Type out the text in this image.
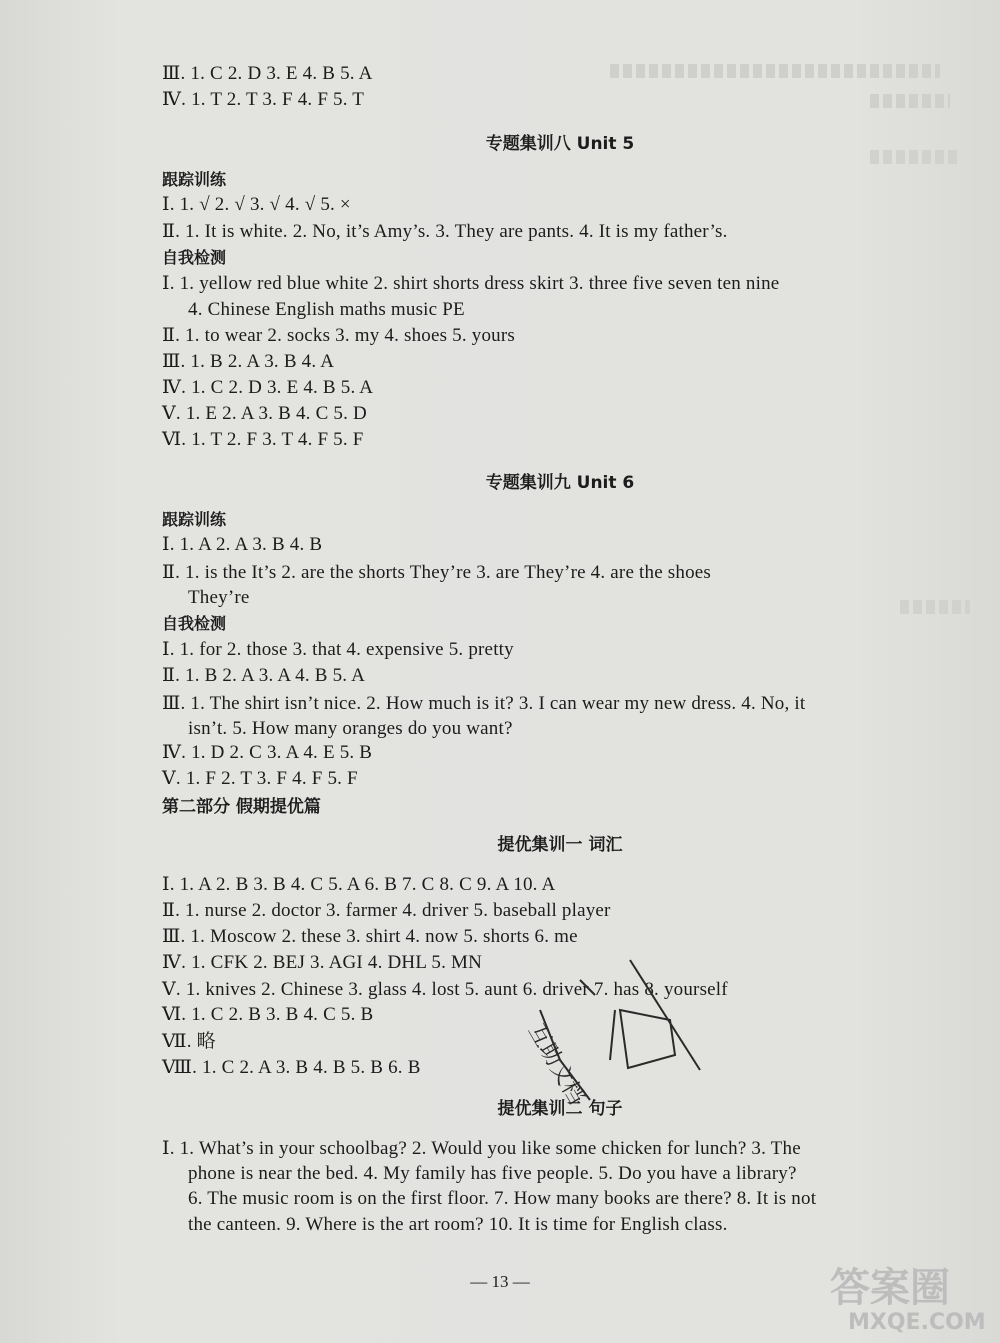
专题集训八 Unit 5
专题集训九 Unit 6
提优集训一 词汇
提优集训二 句子
跟踪训练
自我检测
跟踪训练
自我检测
第二部分 假期提优篇
Ⅲ. 1. C 2. D 3. E 4. B 5. A
Ⅳ. 1. T 2. T 3. F 4. F 5. T
Ⅰ. 1. √ 2. √ 3. √ 4. √ 5. ×
Ⅱ. 1. It is white. 2. No, it’s Amy’s. 3. They are pants. 4. It is my father’s.
Ⅰ. 1. yellow red blue white 2. shirt shorts dress skirt 3. three five seven ten nine
4. Chinese English maths music PE
Ⅱ. 1. to wear 2. socks 3. my 4. shoes 5. yours
Ⅲ. 1. B 2. A 3. B 4. A
Ⅳ. 1. C 2. D 3. E 4. B 5. A
Ⅴ. 1. E 2. A 3. B 4. C 5. D
Ⅵ. 1. T 2. F 3. T 4. F 5. F
Ⅰ. 1. A 2. A 3. B 4. B
Ⅱ. 1. is the It’s 2. are the shorts They’re 3. are They’re 4. are the shoes
They’re
Ⅰ. 1. for 2. those 3. that 4. expensive 5. pretty
Ⅱ. 1. B 2. A 3. A 4. B 5. A
Ⅲ. 1. The shirt isn’t nice. 2. How much is it? 3. I can wear my new dress. 4. No, it
isn’t. 5. How many oranges do you want?
Ⅳ. 1. D 2. C 3. A 4. E 5. B
Ⅴ. 1. F 2. T 3. F 4. F 5. F
Ⅰ. 1. A 2. B 3. B 4. C 5. A 6. B 7. C 8. C 9. A 10. A
Ⅱ. 1. nurse 2. doctor 3. farmer 4. driver 5. baseball player
Ⅲ. 1. Moscow 2. these 3. shirt 4. now 5. shorts 6. me
Ⅳ. 1. CFK 2. BEJ 3. AGI 4. DHL 5. MN
Ⅴ. 1. knives 2. Chinese 3. glass 4. lost 5. aunt 6. driver 7. has 8. yourself
Ⅵ. 1. C 2. B 3. B 4. C 5. B
Ⅶ. 略
Ⅷ. 1. C 2. A 3. B 4. B 5. B 6. B
Ⅰ. 1. What’s in your schoolbag? 2. Would you like some chicken for lunch? 3. The
phone is near the bed. 4. My family has five people. 5. Do you have a library?
6. The music room is on the first floor. 7. How many books are there? 8. It is not
the canteen. 9. Where is the art room? 10. It is time for English class.
— 13 —
互助文档
答案圈
MXQE.COM
